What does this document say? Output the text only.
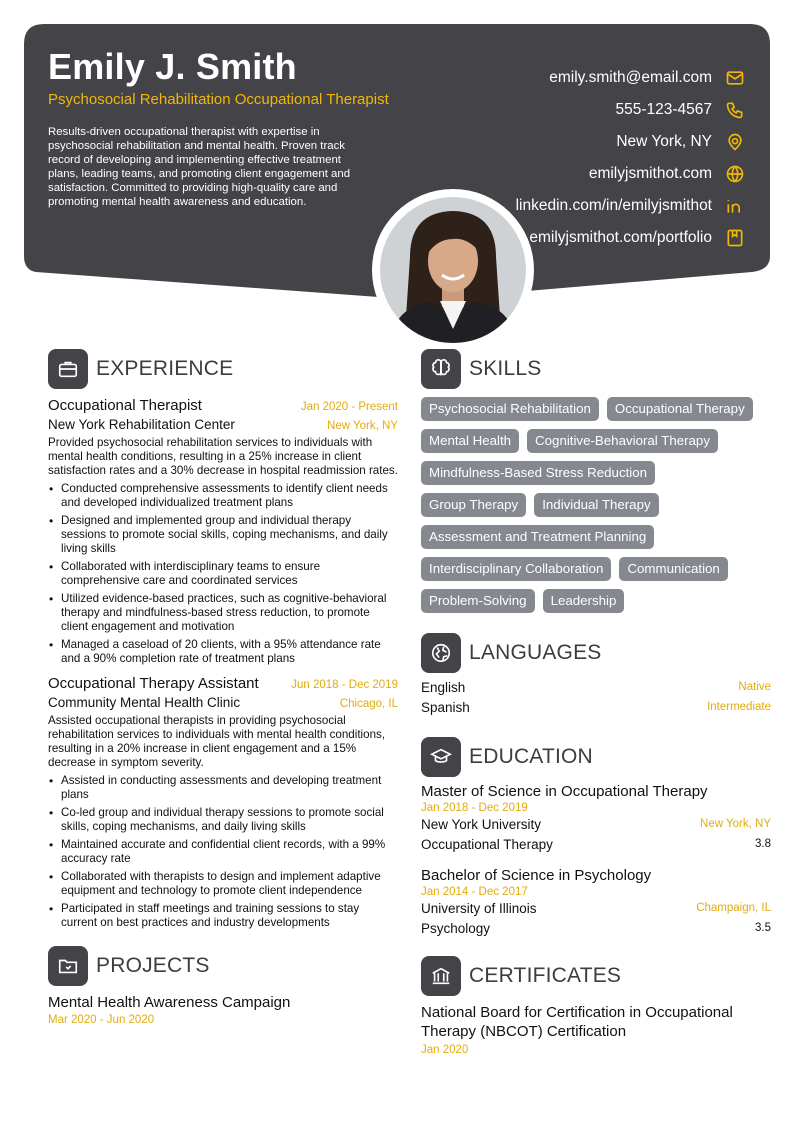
Emily J. Smith
Psychosocial Rehabilitation Occupational Therapist
Results-driven occupational therapist with expertise in psychosocial rehabilitation and mental health. Proven track record of developing and implementing effective treatment plans, leading teams, and promoting client engagement and satisfaction. Committed to providing high-quality care and promoting mental health awareness and education.
emily.smith@email.com
555-123-4567
New York, NY
emilyjsmithot.com
linkedin.com/in/emilyjsmithot
emilyjsmithot.com/portfolio
EXPERIENCE
Occupational Therapist	Jan 2020 - Present
New York Rehabilitation Center	New York, NY
Provided psychosocial rehabilitation services to individuals with mental health conditions, resulting in a 25% increase in client satisfaction rates and a 30% decrease in hospital readmission rates.
• Conducted comprehensive assessments to identify client needs and developed individualized treatment plans
• Designed and implemented group and individual therapy sessions to promote social skills, coping mechanisms, and daily living skills
• Collaborated with interdisciplinary teams to ensure comprehensive care and coordinated services
• Utilized evidence-based practices, such as cognitive-behavioral therapy and mindfulness-based stress reduction, to promote client engagement and motivation
• Managed a caseload of 20 clients, with a 95% attendance rate and a 90% completion rate of treatment plans
Occupational Therapy Assistant	Jun 2018 - Dec 2019
Community Mental Health Clinic	Chicago, IL
Assisted occupational therapists in providing psychosocial rehabilitation services to individuals with mental health conditions, resulting in a 20% increase in client engagement and a 15% decrease in symptom severity.
• Assisted in conducting assessments and developing treatment plans
• Co-led group and individual therapy sessions to promote social skills, coping mechanisms, and daily living skills
• Maintained accurate and confidential client records, with a 99% accuracy rate
• Collaborated with therapists to design and implement adaptive equipment and technology to promote client independence
• Participated in staff meetings and training sessions to stay current on best practices and industry developments
PROJECTS
Mental Health Awareness Campaign
Mar 2020 - Jun 2020
SKILLS
Psychosocial Rehabilitation	Occupational Therapy
Mental Health	Cognitive-Behavioral Therapy
Mindfulness-Based Stress Reduction
Group Therapy	Individual Therapy
Assessment and Treatment Planning
Interdisciplinary Collaboration	Communication
Problem-Solving	Leadership
LANGUAGES
English	Native
Spanish	Intermediate
EDUCATION
Master of Science in Occupational Therapy
Jan 2018 - Dec 2019
New York University	New York, NY
Occupational Therapy	3.8
Bachelor of Science in Psychology
Jan 2014 - Dec 2017
University of Illinois	Champaign, IL
Psychology	3.5
CERTIFICATES
National Board for Certification in Occupational Therapy (NBCOT) Certification
Jan 2020
